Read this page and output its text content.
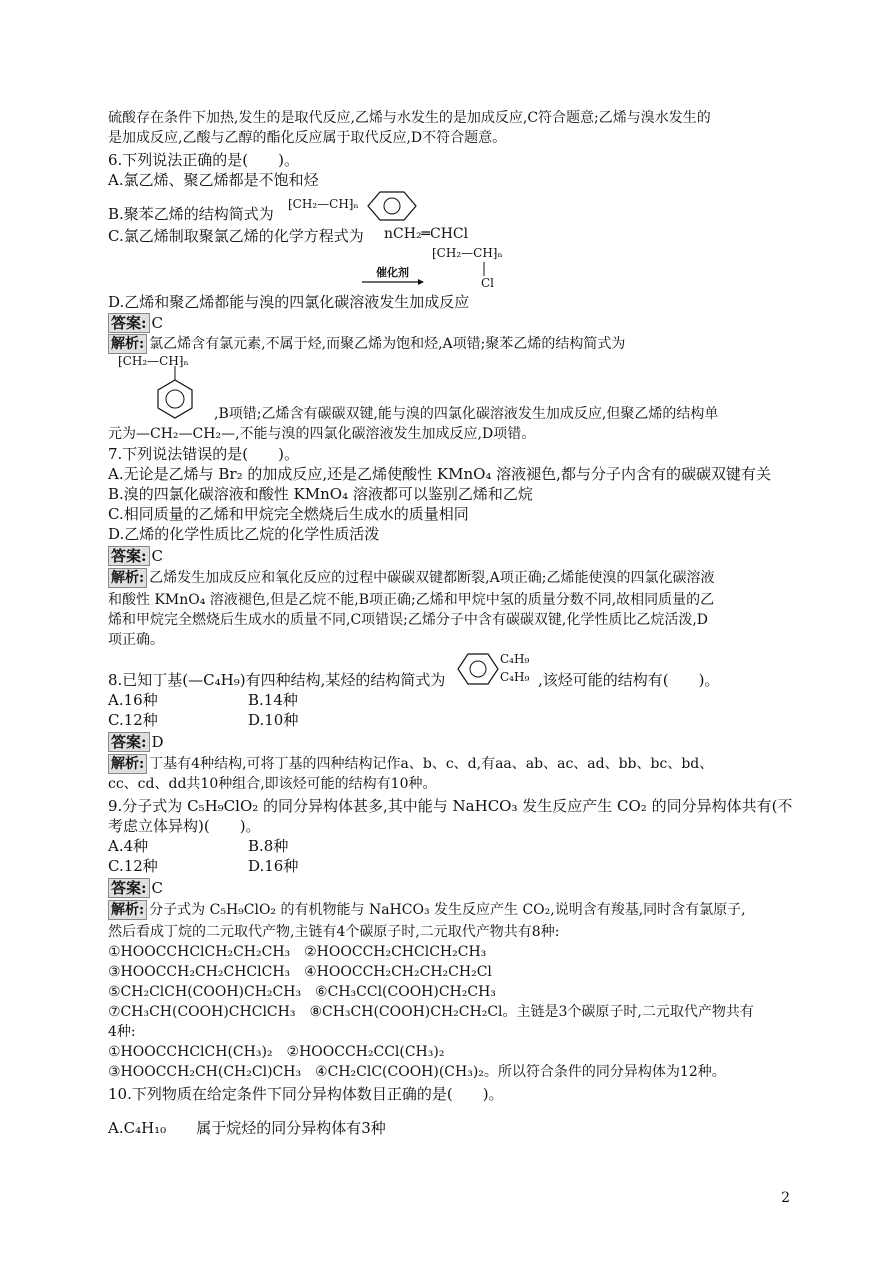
硫酸存在条件下加热,发生的是取代反应,乙烯与水发生的是加成反应,C符合题意;乙烯与溴水发生的
是加成反应,乙酸与乙醇的酯化反应属于取代反应,D不符合题意。
6.下列说法正确的是(　　)。
A.氯乙烯、聚乙烯都是不饱和烃
B.聚苯乙烯的结构简式为
⁅CH₂—CH⁆ₙ
C.氯乙烯制取聚氯乙烯的化学方程式为 nCH₂═CHCl
⁅CH₂—CH⁆ₙ
Cl
催化剂
D.乙烯和聚乙烯都能与溴的四氯化碳溶液发生加成反应
答案: C
解析: 氯乙烯含有氯元素,不属于烃,而聚乙烯为饱和烃,A项错;聚苯乙烯的结构简式为
⁅CH₂—CH⁆ₙ
,B项错;乙烯含有碳碳双键,能与溴的四氯化碳溶液发生加成反应,但聚乙烯的结构单
元为—CH₂—CH₂—,不能与溴的四氯化碳溶液发生加成反应,D项错。
7.下列说法错误的是(　　)。
A.无论是乙烯与 Br₂ 的加成反应,还是乙烯使酸性 KMnO₄ 溶液褪色,都与分子内含有的碳碳双键有关
B.溴的四氯化碳溶液和酸性 KMnO₄ 溶液都可以鉴别乙烯和乙烷
C.相同质量的乙烯和甲烷完全燃烧后生成水的质量相同
D.乙烯的化学性质比乙烷的化学性质活泼
答案: C
解析: 乙烯发生加成反应和氧化反应的过程中碳碳双键都断裂,A项正确;乙烯能使溴的四氯化碳溶液
和酸性 KMnO₄ 溶液褪色,但是乙烷不能,B项正确;乙烯和甲烷中氢的质量分数不同,故相同质量的乙
烯和甲烷完全燃烧后生成水的质量不同,C项错误;乙烯分子中含有碳碳双键,化学性质比乙烷活泼,D
项正确。
8.已知丁基(—C₄H₉)有四种结构,某烃的结构简式为
C₄H₉
C₄H₉ ,该烃可能的结构有(　　)。
A.16种	B.14种
C.12种	D.10种
答案: D
解析: 丁基有4种结构,可将丁基的四种结构记作a、b、c、d,有aa、ab、ac、ad、bb、bc、bd、
cc、cd、dd共10种组合,即该烃可能的结构有10种。
9.分子式为 C₅H₉ClO₂ 的同分异构体甚多,其中能与 NaHCO₃ 发生反应产生 CO₂ 的同分异构体共有(不
考虑立体异构)(　　)。
A.4种	B.8种
C.12种	D.16种
答案: C
解析: 分子式为 C₅H₉ClO₂ 的有机物能与 NaHCO₃ 发生反应产生 CO₂,说明含有羧基,同时含有氯原子,
然后看成丁烷的二元取代产物,主链有4个碳原子时,二元取代产物共有8种:
①HOOCCHClCH₂CH₂CH₃　②HOOCCH₂CHClCH₂CH₃
③HOOCCH₂CH₂CHClCH₃　④HOOCCH₂CH₂CH₂CH₂Cl
⑤CH₂ClCH(COOH)CH₂CH₃　⑥CH₃CCl(COOH)CH₂CH₃
⑦CH₃CH(COOH)CHClCH₃　⑧CH₃CH(COOH)CH₂CH₂Cl。主链是3个碳原子时,二元取代产物共有
4种:
①HOOCCHClCH(CH₃)₂　②HOOCCH₂CCl(CH₃)₂
③HOOCCH₂CH(CH₂Cl)CH₃　④CH₂ClC(COOH)(CH₃)₂。所以符合条件的同分异构体为12种。
10.下列物质在给定条件下同分异构体数目正确的是(　　)。
A.C₄H₁₀　　属于烷烃的同分异构体有3种
2
